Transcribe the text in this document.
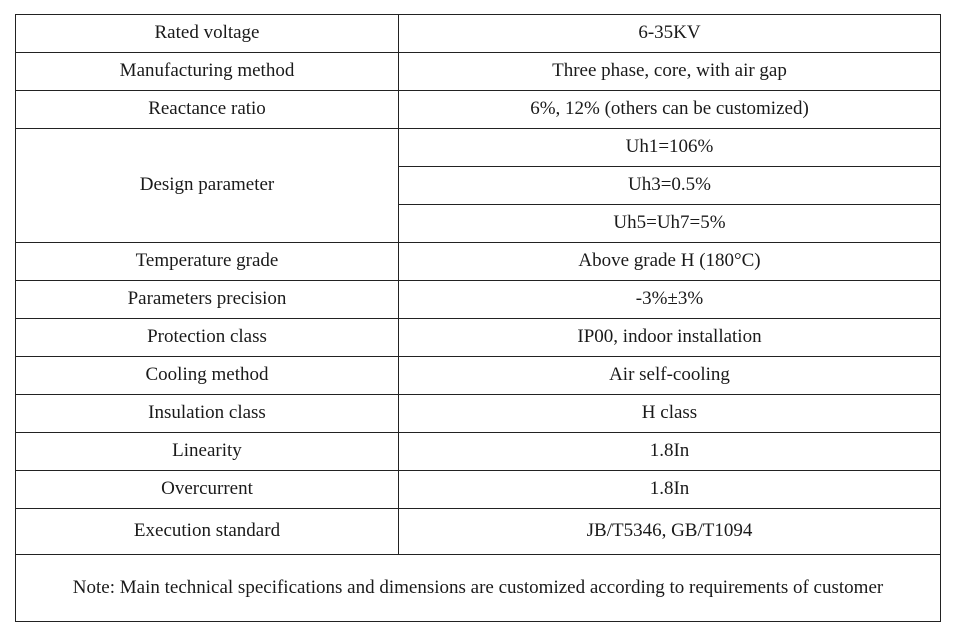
Rated voltage	6-35KV
Manufacturing method	Three phase, core, with air gap
Reactance ratio	6%, 12% (others can be customized)
Design parameter	Uh1=106%
	Uh3=0.5%
	Uh5=Uh7=5%
Temperature grade	Above grade H (180°C)
Parameters precision	-3%±3%
Protection class	IP00, indoor installation
Cooling method	Air self-cooling
Insulation class	H class
Linearity	1.8In
Overcurrent	1.8In
Execution standard	JB/T5346, GB/T1094
Note: Main technical specifications and dimensions are customized according to requirements of customer	
